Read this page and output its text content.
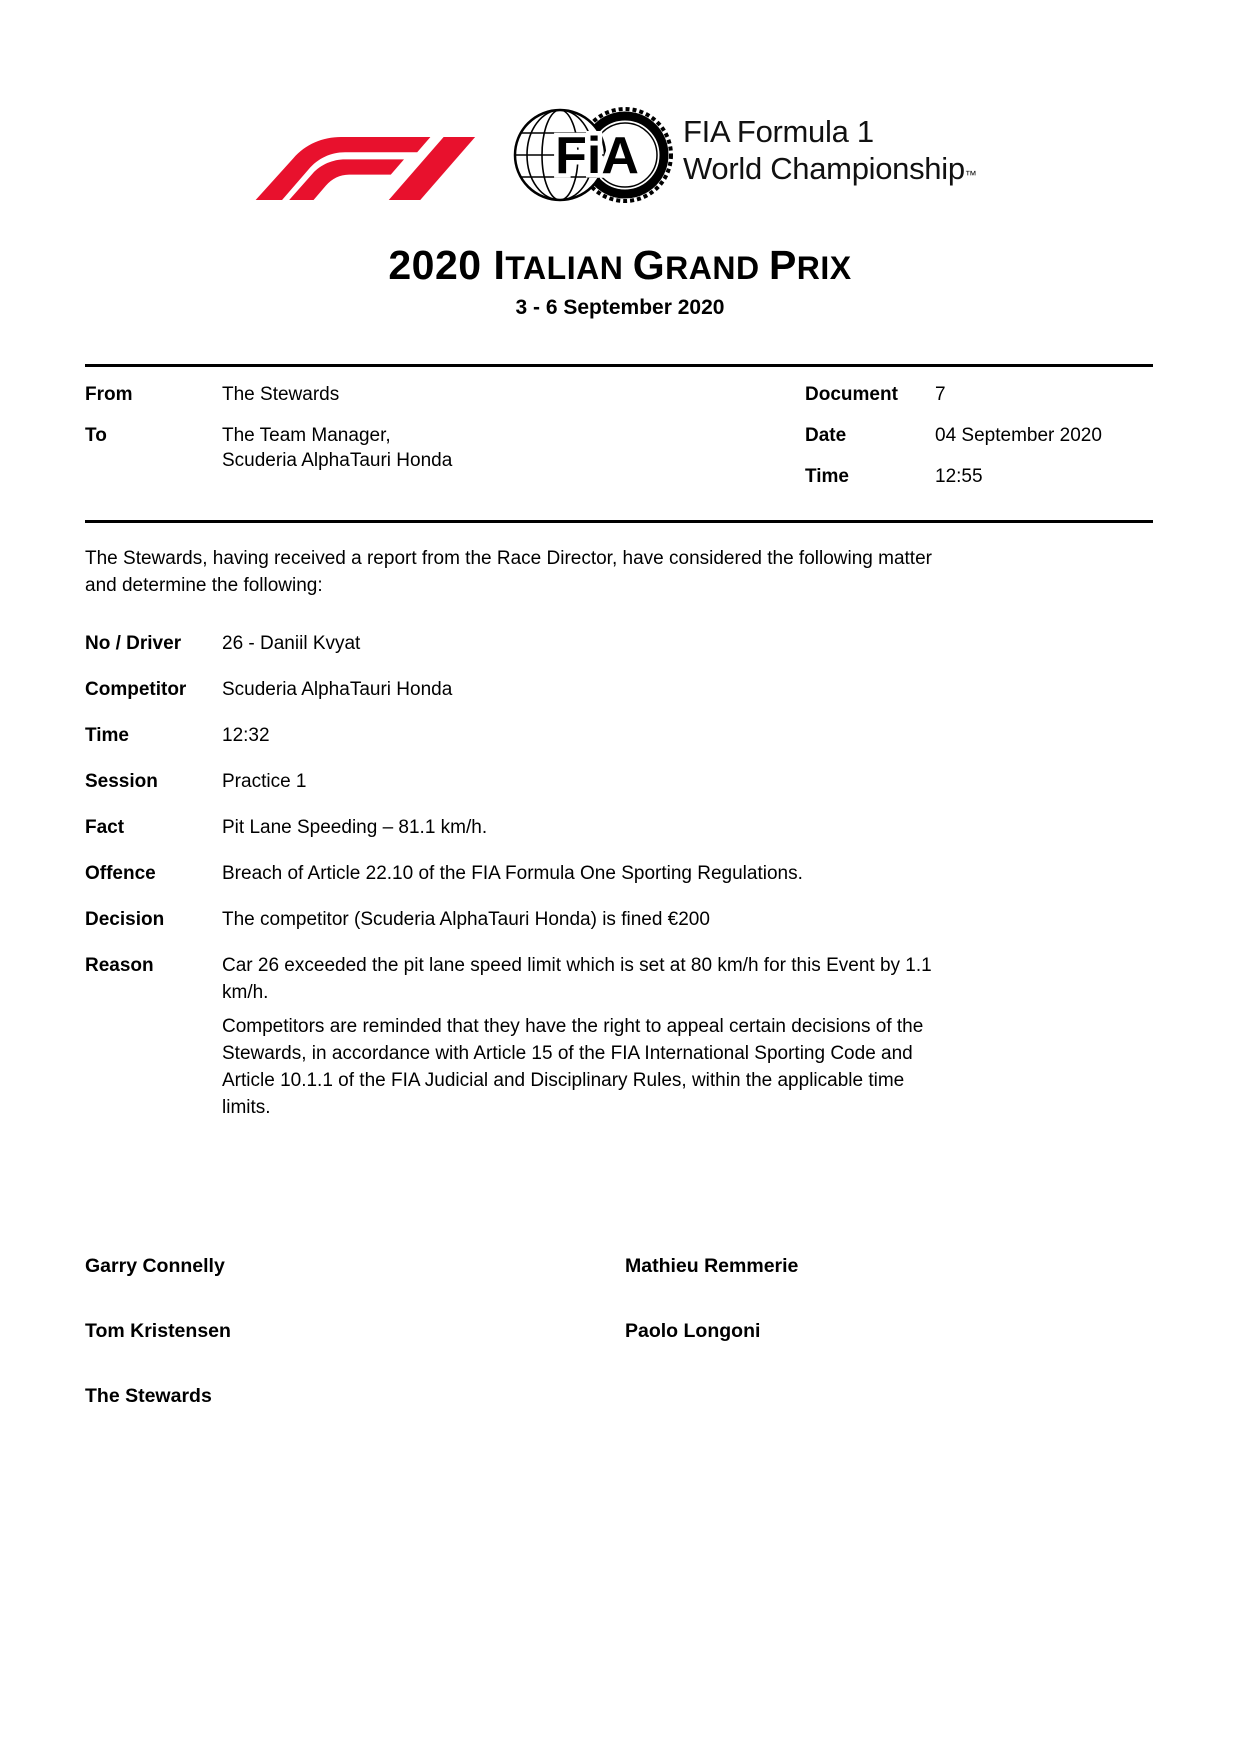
FiA FIA Formula 1
World Championship™
2020 ITALIAN GRAND PRIX
3 - 6 September 2020
From	The Stewards
To	The Team Manager,
Scuderia AlphaTauri Honda
Document	7
Date	04 September 2020
Time	12:55
The Stewards, having received a report from the Race Director, have considered the following matter
and determine the following:
No / Driver	26 - Daniil Kvyat
Competitor	Scuderia AlphaTauri Honda
Time	12:32
Session	Practice 1
Fact	Pit Lane Speeding – 81.1 km/h.
Offence	Breach of Article 22.10 of the FIA Formula One Sporting Regulations.
Decision	The competitor (Scuderia AlphaTauri Honda) is fined €200
Reason	Car 26 exceeded the pit lane speed limit which is set at 80 km/h for this Event by 1.1
km/h.

Competitors are reminded that they have the right to appeal certain decisions of the
Stewards, in accordance with Article 15 of the FIA International Sporting Code and
Article 10.1.1 of the FIA Judicial and Disciplinary Rules, within the applicable time
limits.

Garry Connelly	Mathieu Remmerie
Tom Kristensen	Paolo Longoni
The Stewards
